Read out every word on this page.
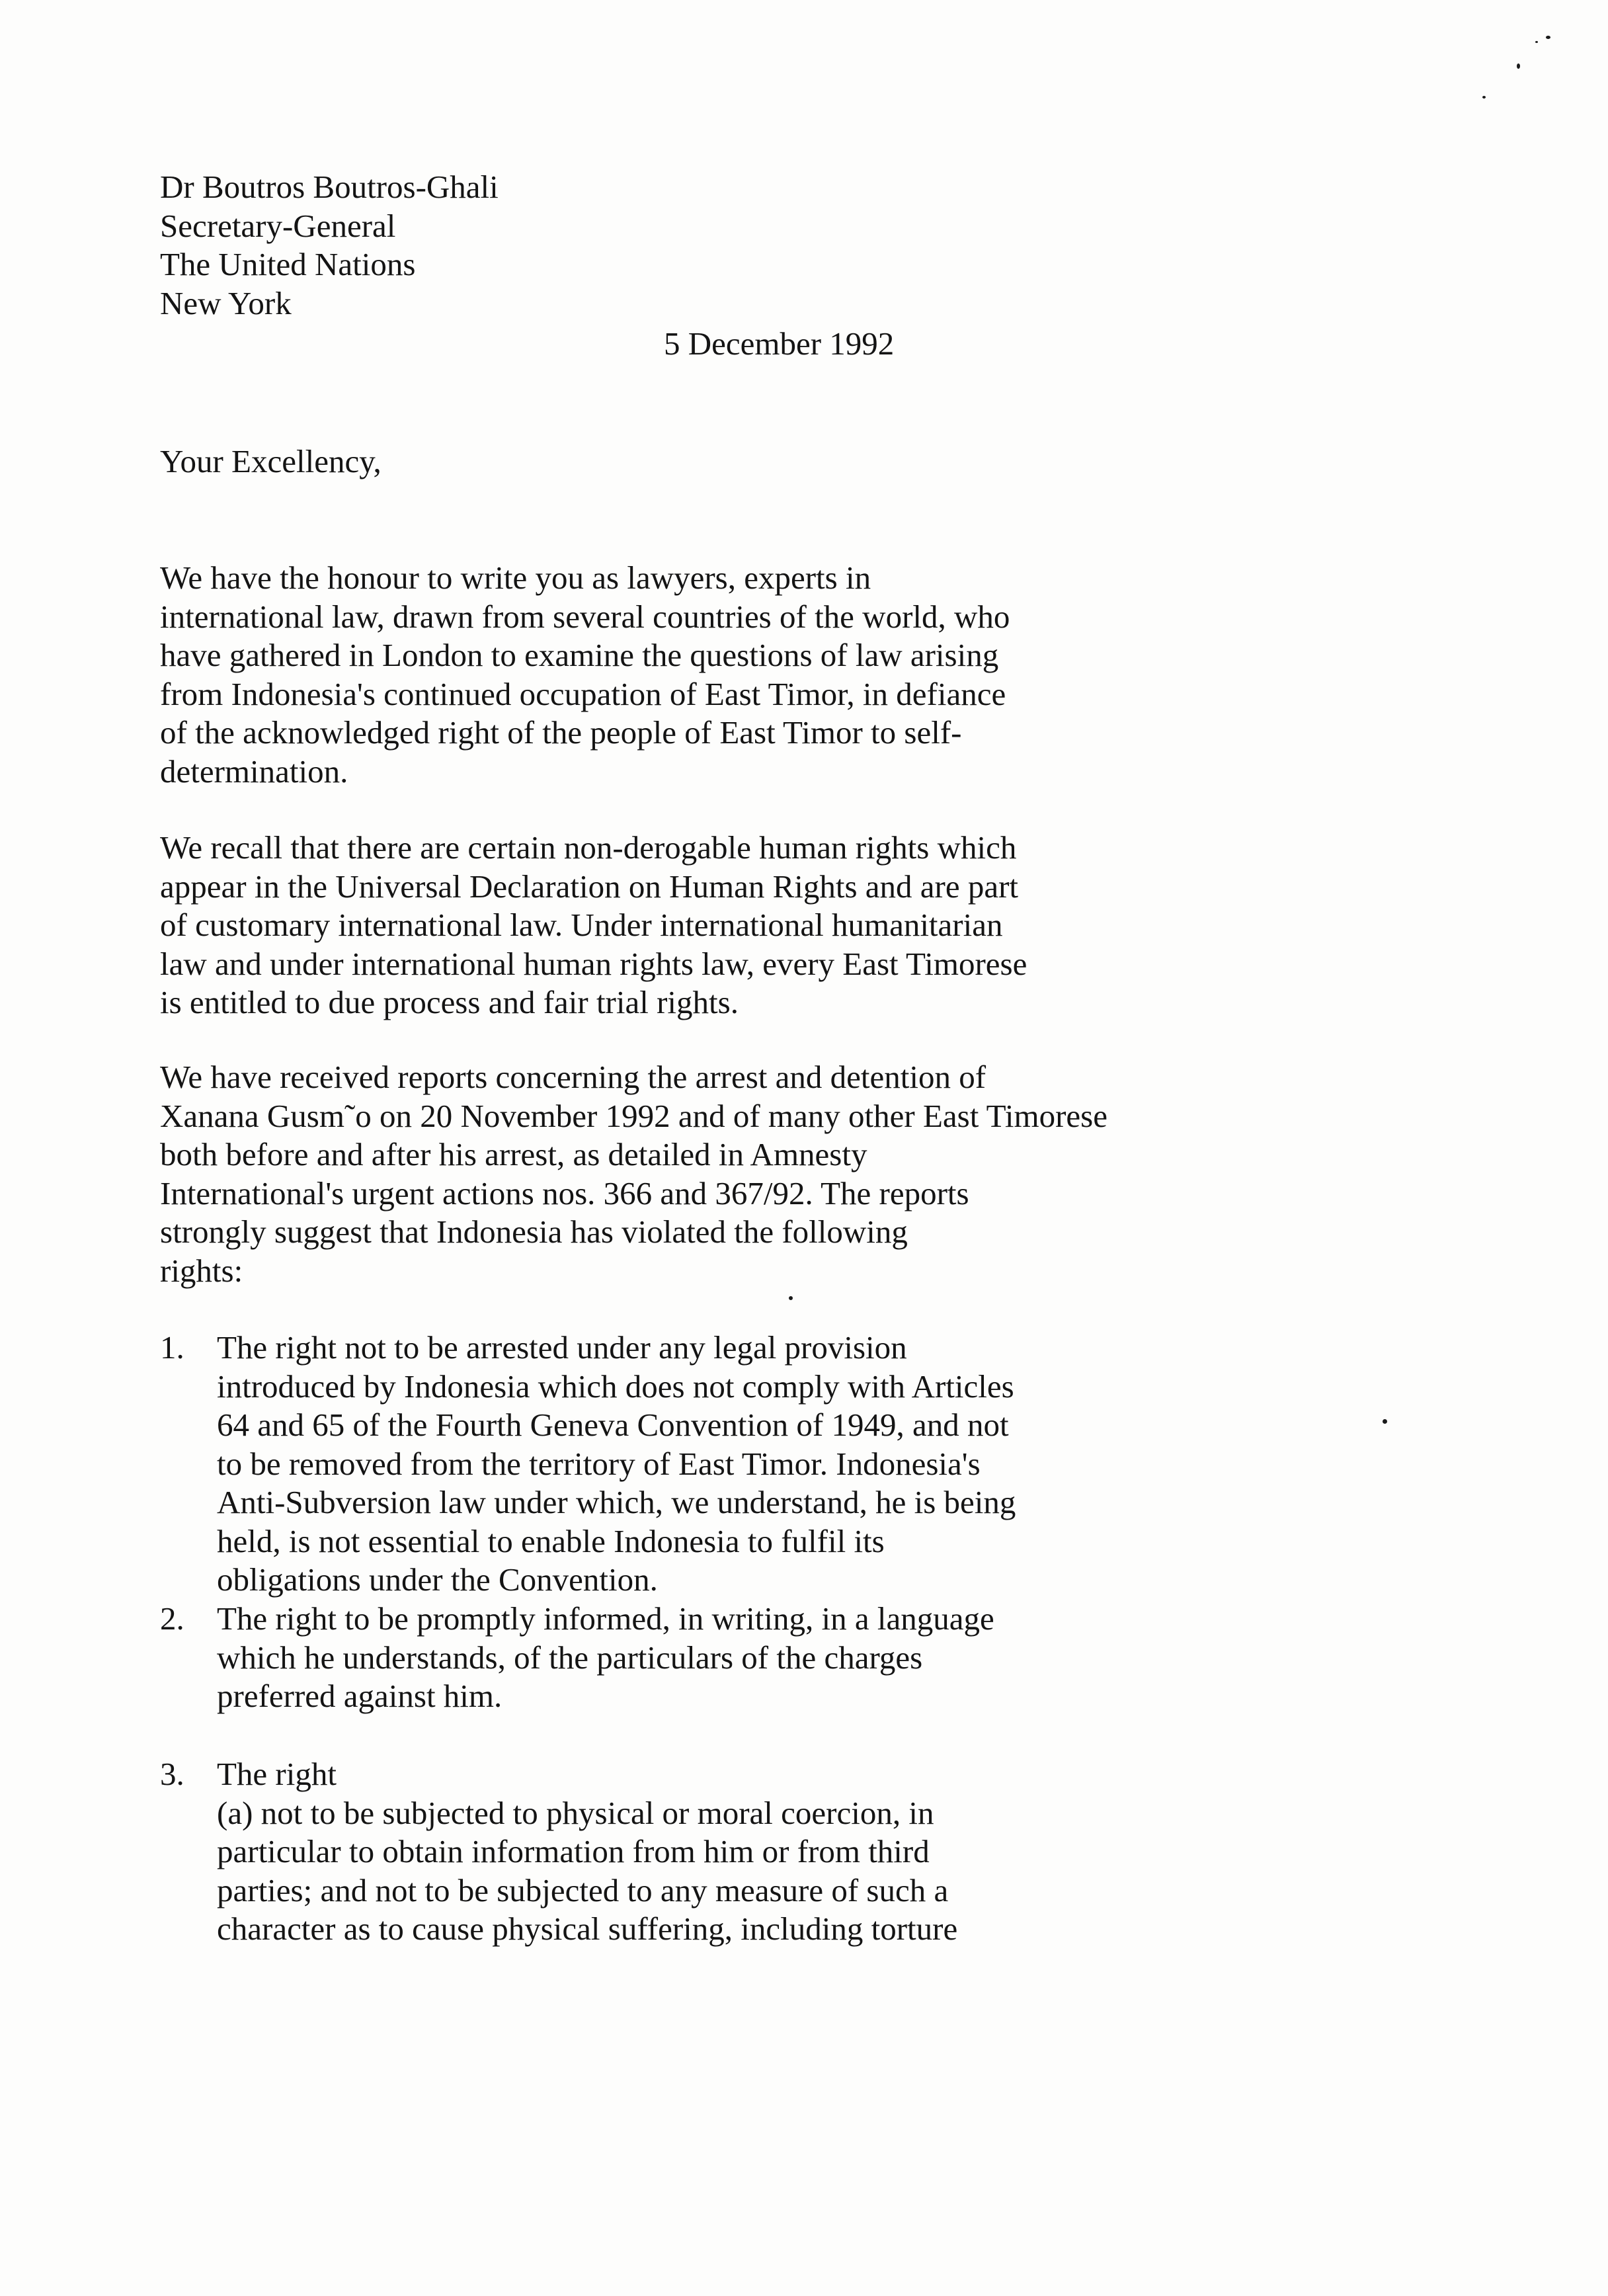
Dr Boutros Boutros-Ghali
Secretary-General
The United Nations
New York
5 December 1992
Your Excellency,
We have the honour to write you as lawyers, experts in
international law, drawn from several countries of the world, who
have gathered in London to examine the questions of law arising
from Indonesia's continued occupation of East Timor, in defiance
of the acknowledged right of the people of East Timor to self-
determination.
We recall that there are certain non-derogable human rights which
appear in the Universal Declaration on Human Rights and are part
of customary international law. Under international humanitarian
law and under international human rights law, every East Timorese
is entitled to due process and fair trial rights.
We have received reports concerning the arrest and detention of
Xanana Gusm˜o on 20 November 1992 and of many other East Timorese
both before and after his arrest, as detailed in Amnesty
International's urgent actions nos. 366 and 367/92. The reports
strongly suggest that Indonesia has violated the following
rights:
1. The right not to be arrested under any legal provision
introduced by Indonesia which does not comply with Articles
64 and 65 of the Fourth Geneva Convention of 1949, and not
to be removed from the territory of East Timor. Indonesia's
Anti-Subversion law under which, we understand, he is being
held, is not essential to enable Indonesia to fulfil its
obligations under the Convention.
2. The right to be promptly informed, in writing, in a language
which he understands, of the particulars of the charges
preferred against him.
3. The right
(a) not to be subjected to physical or moral coercion, in
particular to obtain information from him or from third
parties; and not to be subjected to any measure of such a
character as to cause physical suffering, including torture
